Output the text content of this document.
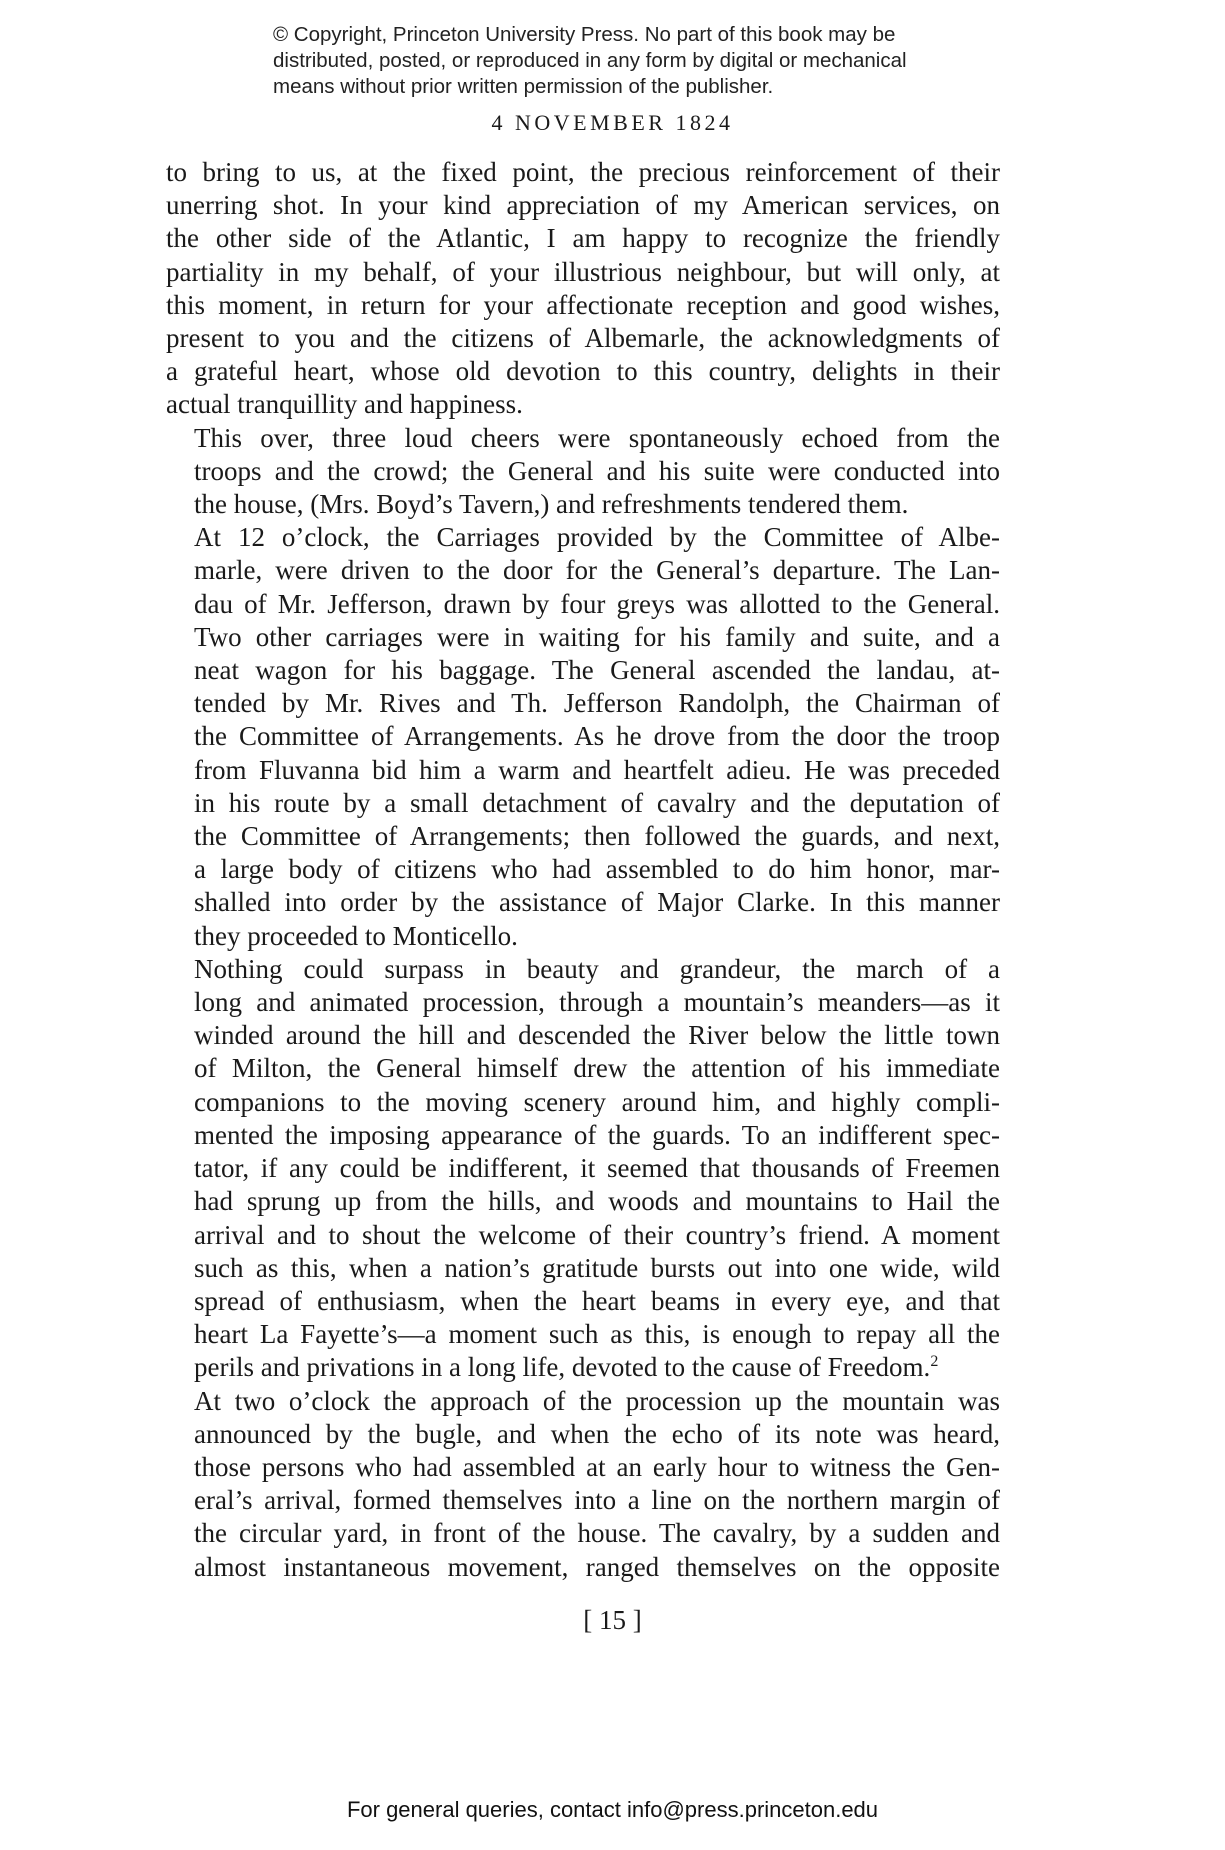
© Copyright, Princeton University Press. No part of this book may be
distributed, posted, or reproduced in any form by digital or mechanical
means without prior written permission of the publisher.
4 NOVEMBER 1824

to bring to us, at the fixed point, the precious reinforcement of their
unerring shot. In your kind appreciation of my American services, on
the other side of the Atlantic, I am happy to recognize the friendly
partiality in my behalf, of your illustrious neighbour, but will only, at
this moment, in return for your affectionate reception and good wishes,
present to you and the citizens of Albemarle, the acknowledgments of
a grateful heart, whose old devotion to this country, delights in their
actual tranquillity and happiness.

This over, three loud cheers were spontaneously echoed from the
troops and the crowd; the General and his suite were conducted into
the house, (Mrs. Boyd’s Tavern,) and refreshments tendered them.

At 12 o’clock, the Carriages provided by the Committee of Albe-
marle, were driven to the door for the General’s departure. The Lan-
dau of Mr. Jefferson, drawn by four greys was allotted to the General.
Two other carriages were in waiting for his family and suite, and a
neat wagon for his baggage. The General ascended the landau, at-
tended by Mr. Rives and Th. Jefferson Randolph, the Chairman of
the Committee of Arrangements. As he drove from the door the troop
from Fluvanna bid him a warm and heartfelt adieu. He was preceded
in his route by a small detachment of cavalry and the deputation of
the Committee of Arrangements; then followed the guards, and next,
a large body of citizens who had assembled to do him honor, mar-
shalled into order by the assistance of Major Clarke. In this manner
they proceeded to Monticello.

Nothing could surpass in beauty and grandeur, the march of a
long and animated procession, through a mountain’s meanders—as it
winded around the hill and descended the River below the little town
of Milton, the General himself drew the attention of his immediate
companions to the moving scenery around him, and highly compli-
mented the imposing appearance of the guards. To an indifferent spec-
tator, if any could be indifferent, it seemed that thousands of Freemen
had sprung up from the hills, and woods and mountains to Hail the
arrival and to shout the welcome of their country’s friend. A moment
such as this, when a nation’s gratitude bursts out into one wide, wild
spread of enthusiasm, when the heart beams in every eye, and that
heart La Fayette’s—a moment such as this, is enough to repay all the
perils and privations in a long life, devoted to the cause of Freedom.$^2$

At two o’clock the approach of the procession up the mountain was
announced by the bugle, and when the echo of its note was heard,
those persons who had assembled at an early hour to witness the Gen-
eral’s arrival, formed themselves into a line on the northern margin of
the circular yard, in front of the house. The cavalry, by a sudden and
almost instantaneous movement, ranged themselves on the opposite

[ 15 ]
For general queries, contact info@press.princeton.edu
